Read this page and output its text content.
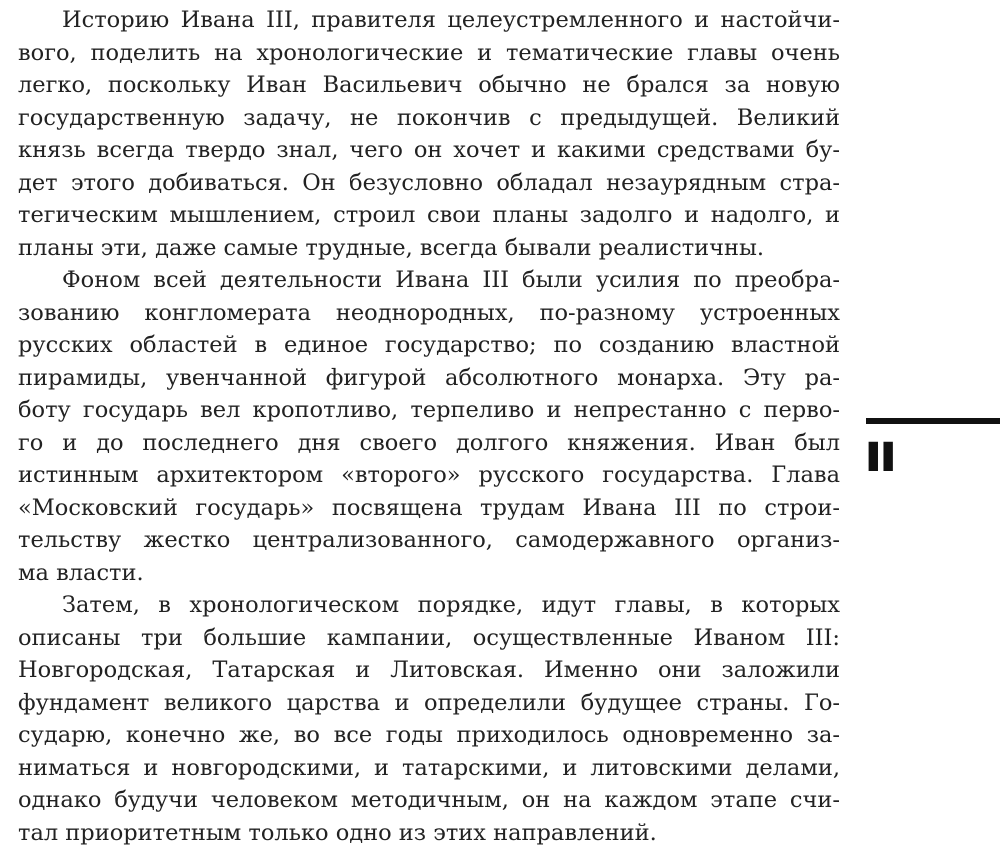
Историю Ивана III, правителя целеустремленного и настойчи-
вого, поделить на хронологические и тематические главы очень
легко, поскольку Иван Васильевич обычно не брался за новую
государственную задачу, не покончив с предыдущей. Великий
князь всегда твердо знал, чего он хочет и какими средствами бу-
дет этого добиваться. Он безусловно обладал незаурядным стра-
тегическим мышлением, строил свои планы задолго и надолго, и
планы эти, даже самые трудные, всегда бывали реалистичны.
Фоном всей деятельности Ивана III были усилия по преобра-
зованию конгломерата неоднородных, по-разному устроенных
русских областей в единое государство; по созданию властной
пирамиды, увенчанной фигурой абсолютного монарха. Эту ра-
боту государь вел кропотливо, терпеливо и непрестанно с перво-
го и до последнего дня своего долгого княжения. Иван был
истинным архитектором «второго» русского государства. Глава
«Московский государь» посвящена трудам Ивана III по строи-
тельству жестко централизованного, самодержавного организ-
ма власти.
Затем, в хронологическом порядке, идут главы, в которых
описаны три большие кампании, осуществленные Иваном III:
Новгородская, Татарская и Литовская. Именно они заложили
фундамент великого царства и определили будущее страны. Го-
сударю, конечно же, во все годы приходилось одновременно за-
ниматься и новгородскими, и татарскими, и литовскими делами,
однако будучи человеком методичным, он на каждом этапе счи-
тал приоритетным только одно из этих направлений.
II
